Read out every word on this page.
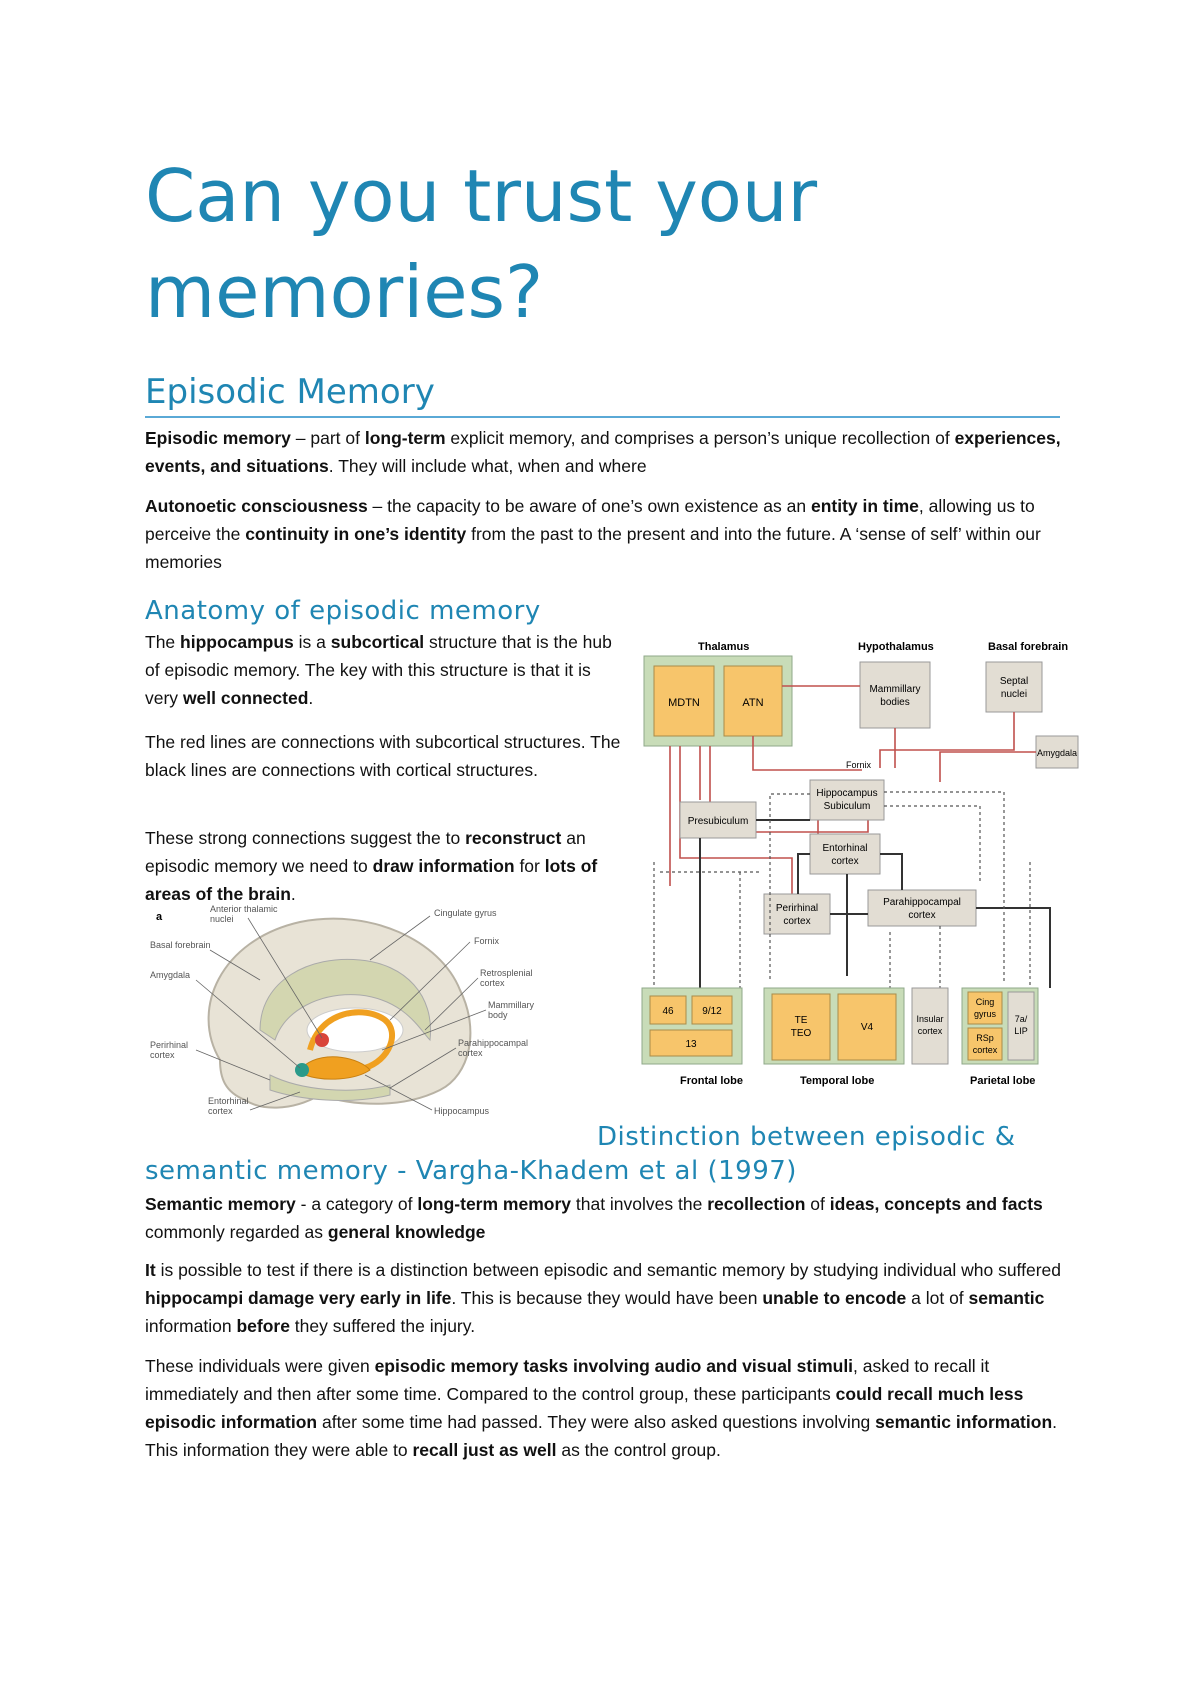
Can you trust your memories?
Episodic Memory

Episodic memory – part of long-term explicit memory, and comprises a person’s unique recollection of experiences, events, and situations. They will include what, when and where

Autonoetic consciousness – the capacity to be aware of one’s own existence as an entity in time, allowing us to perceive the continuity in one’s identity from the past to the present and into the future. A ‘sense of self’ within our memories

Anatomy of episodic memory

The hippocampus is a subcortical structure that is the hub of episodic memory. The key with this structure is that it is very well connected.

The red lines are connections with subcortical structures. The black lines are connections with cortical structures.

These strong connections suggest the to reconstruct an episodic memory we need to draw information for lots of areas of the brain.

Thalamus	Hypothalamus	Basal forebrain
MDTN	ATN
Mammillary
bodies
Septal
nuclei
Amygdala
Fornix
Hippocampus
Subiculum
Presubiculum
Entorhinal
cortex
Perirhinal
cortex
Parahippocampal
cortex
46	9/12
13
TE
TEO
V4
Insular
cortex
Cing
gyrus
RSp
cortex
7a/
LIP
Frontal lobe	Temporal lobe	Parietal lobe
a
Anterior thalamic
nuclei
Basal forebrain
Amygdala
Perirhinal
cortex
Entorhinal
cortex
Cingulate gyrus
Fornix
Retrosplenial
cortex
Mammillary
body
Parahippocampal
cortex
Hippocampus
Distinction between episodic &
semantic memory - Vargha-Khadem et al (1997)

Semantic memory - a category of long-term memory that involves the recollection of ideas, concepts and facts commonly regarded as general knowledge

It is possible to test if there is a distinction between episodic and semantic memory by studying individual who suffered hippocampi damage very early in life. This is because they would have been unable to encode a lot of semantic information before they suffered the injury.

These individuals were given episodic memory tasks involving audio and visual stimuli, asked to recall it immediately and then after some time. Compared to the control group, these participants could recall much less episodic information after some time had passed. They were also asked questions involving semantic information. This information they were able to recall just as well as the control group.
